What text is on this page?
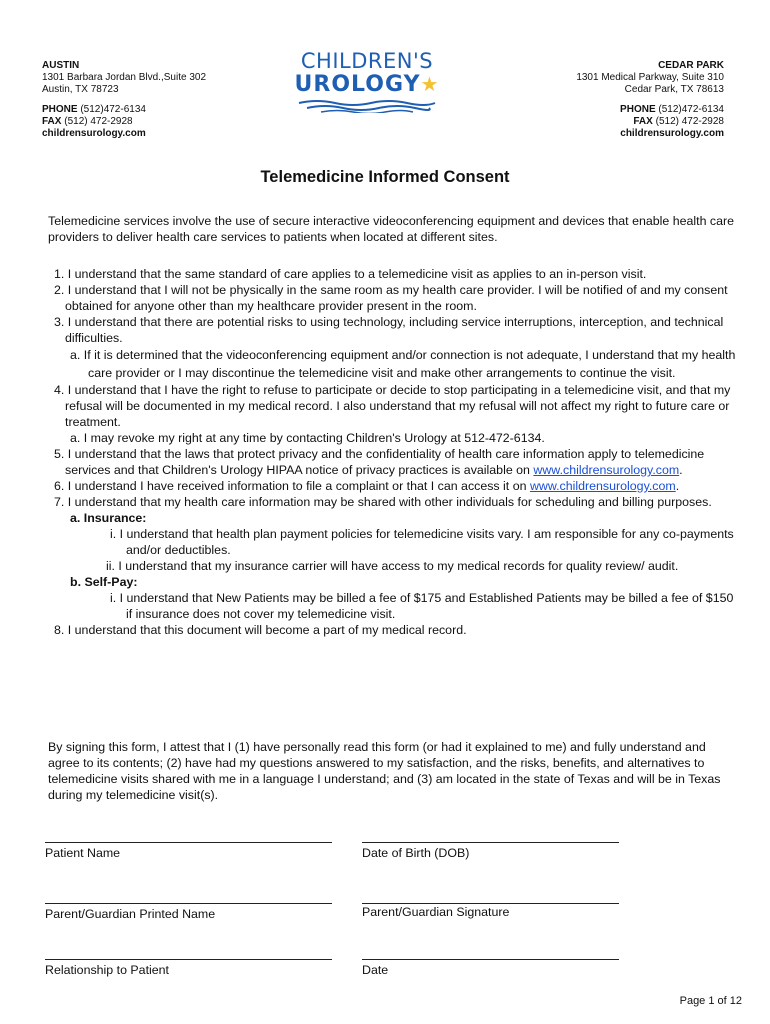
AUSTIN
1301 Barbara Jordan Blvd.,Suite 302
Austin, TX 78723
PHONE (512)472-6134
FAX (512) 472-2928
childrensurology.com
CHILDREN'S
UROLOGY★
CEDAR PARK
1301 Medical Parkway, Suite 310
Cedar Park, TX 78613
PHONE (512)472-6134
FAX (512) 472-2928
childrensurology.com
Telemedicine Informed Consent
Telemedicine services involve the use of secure interactive videoconferencing equipment and devices that enable health care providers to deliver health care services to patients when located at different sites.
1. I understand that the same standard of care applies to a telemedicine visit as applies to an in-person visit.
2. I understand that I will not be physically in the same room as my health care provider. I will be notified of and my consent obtained for anyone other than my healthcare provider present in the room.
3. I understand that there are potential risks to using technology, including service interruptions, interception, and technical difficulties.
a. If it is determined that the videoconferencing equipment and/or connection is not adequate, I understand that my health care provider or I may discontinue the telemedicine visit and make other arrangements to continue the visit.
4. I understand that I have the right to refuse to participate or decide to stop participating in a telemedicine visit, and that my refusal will be documented in my medical record. I also understand that my refusal will not affect my right to future care or treatment.
a. I may revoke my right at any time by contacting Children's Urology at 512-472-6134.
5. I understand that the laws that protect privacy and the confidentiality of health care information apply to telemedicine services and that Children's Urology HIPAA notice of privacy practices is available on www.childrensurology.com.
6. I understand I have received information to file a complaint or that I can access it on www.childrensurology.com.
7. I understand that my health care information may be shared with other individuals for scheduling and billing purposes.
a. Insurance:
i. I understand that health plan payment policies for telemedicine visits vary. I am responsible for any co-payments and/or deductibles.
ii. I understand that my insurance carrier will have access to my medical records for quality review/ audit.
b. Self-Pay:
i. I understand that New Patients may be billed a fee of $175 and Established Patients may be billed a fee of $150 if insurance does not cover my telemedicine visit.
8. I understand that this document will become a part of my medical record.
By signing this form, I attest that I (1) have personally read this form (or had it explained to me) and fully understand and agree to its contents; (2) have had my questions answered to my satisfaction, and the risks, benefits, and alternatives to telemedicine visits shared with me in a language I understand; and (3) am located in the state of Texas and will be in Texas during my telemedicine visit(s).
Patient Name	Date of Birth (DOB)
Parent/Guardian Printed Name	Parent/Guardian Signature
Relationship to Patient	Date
Page 1 of 12
